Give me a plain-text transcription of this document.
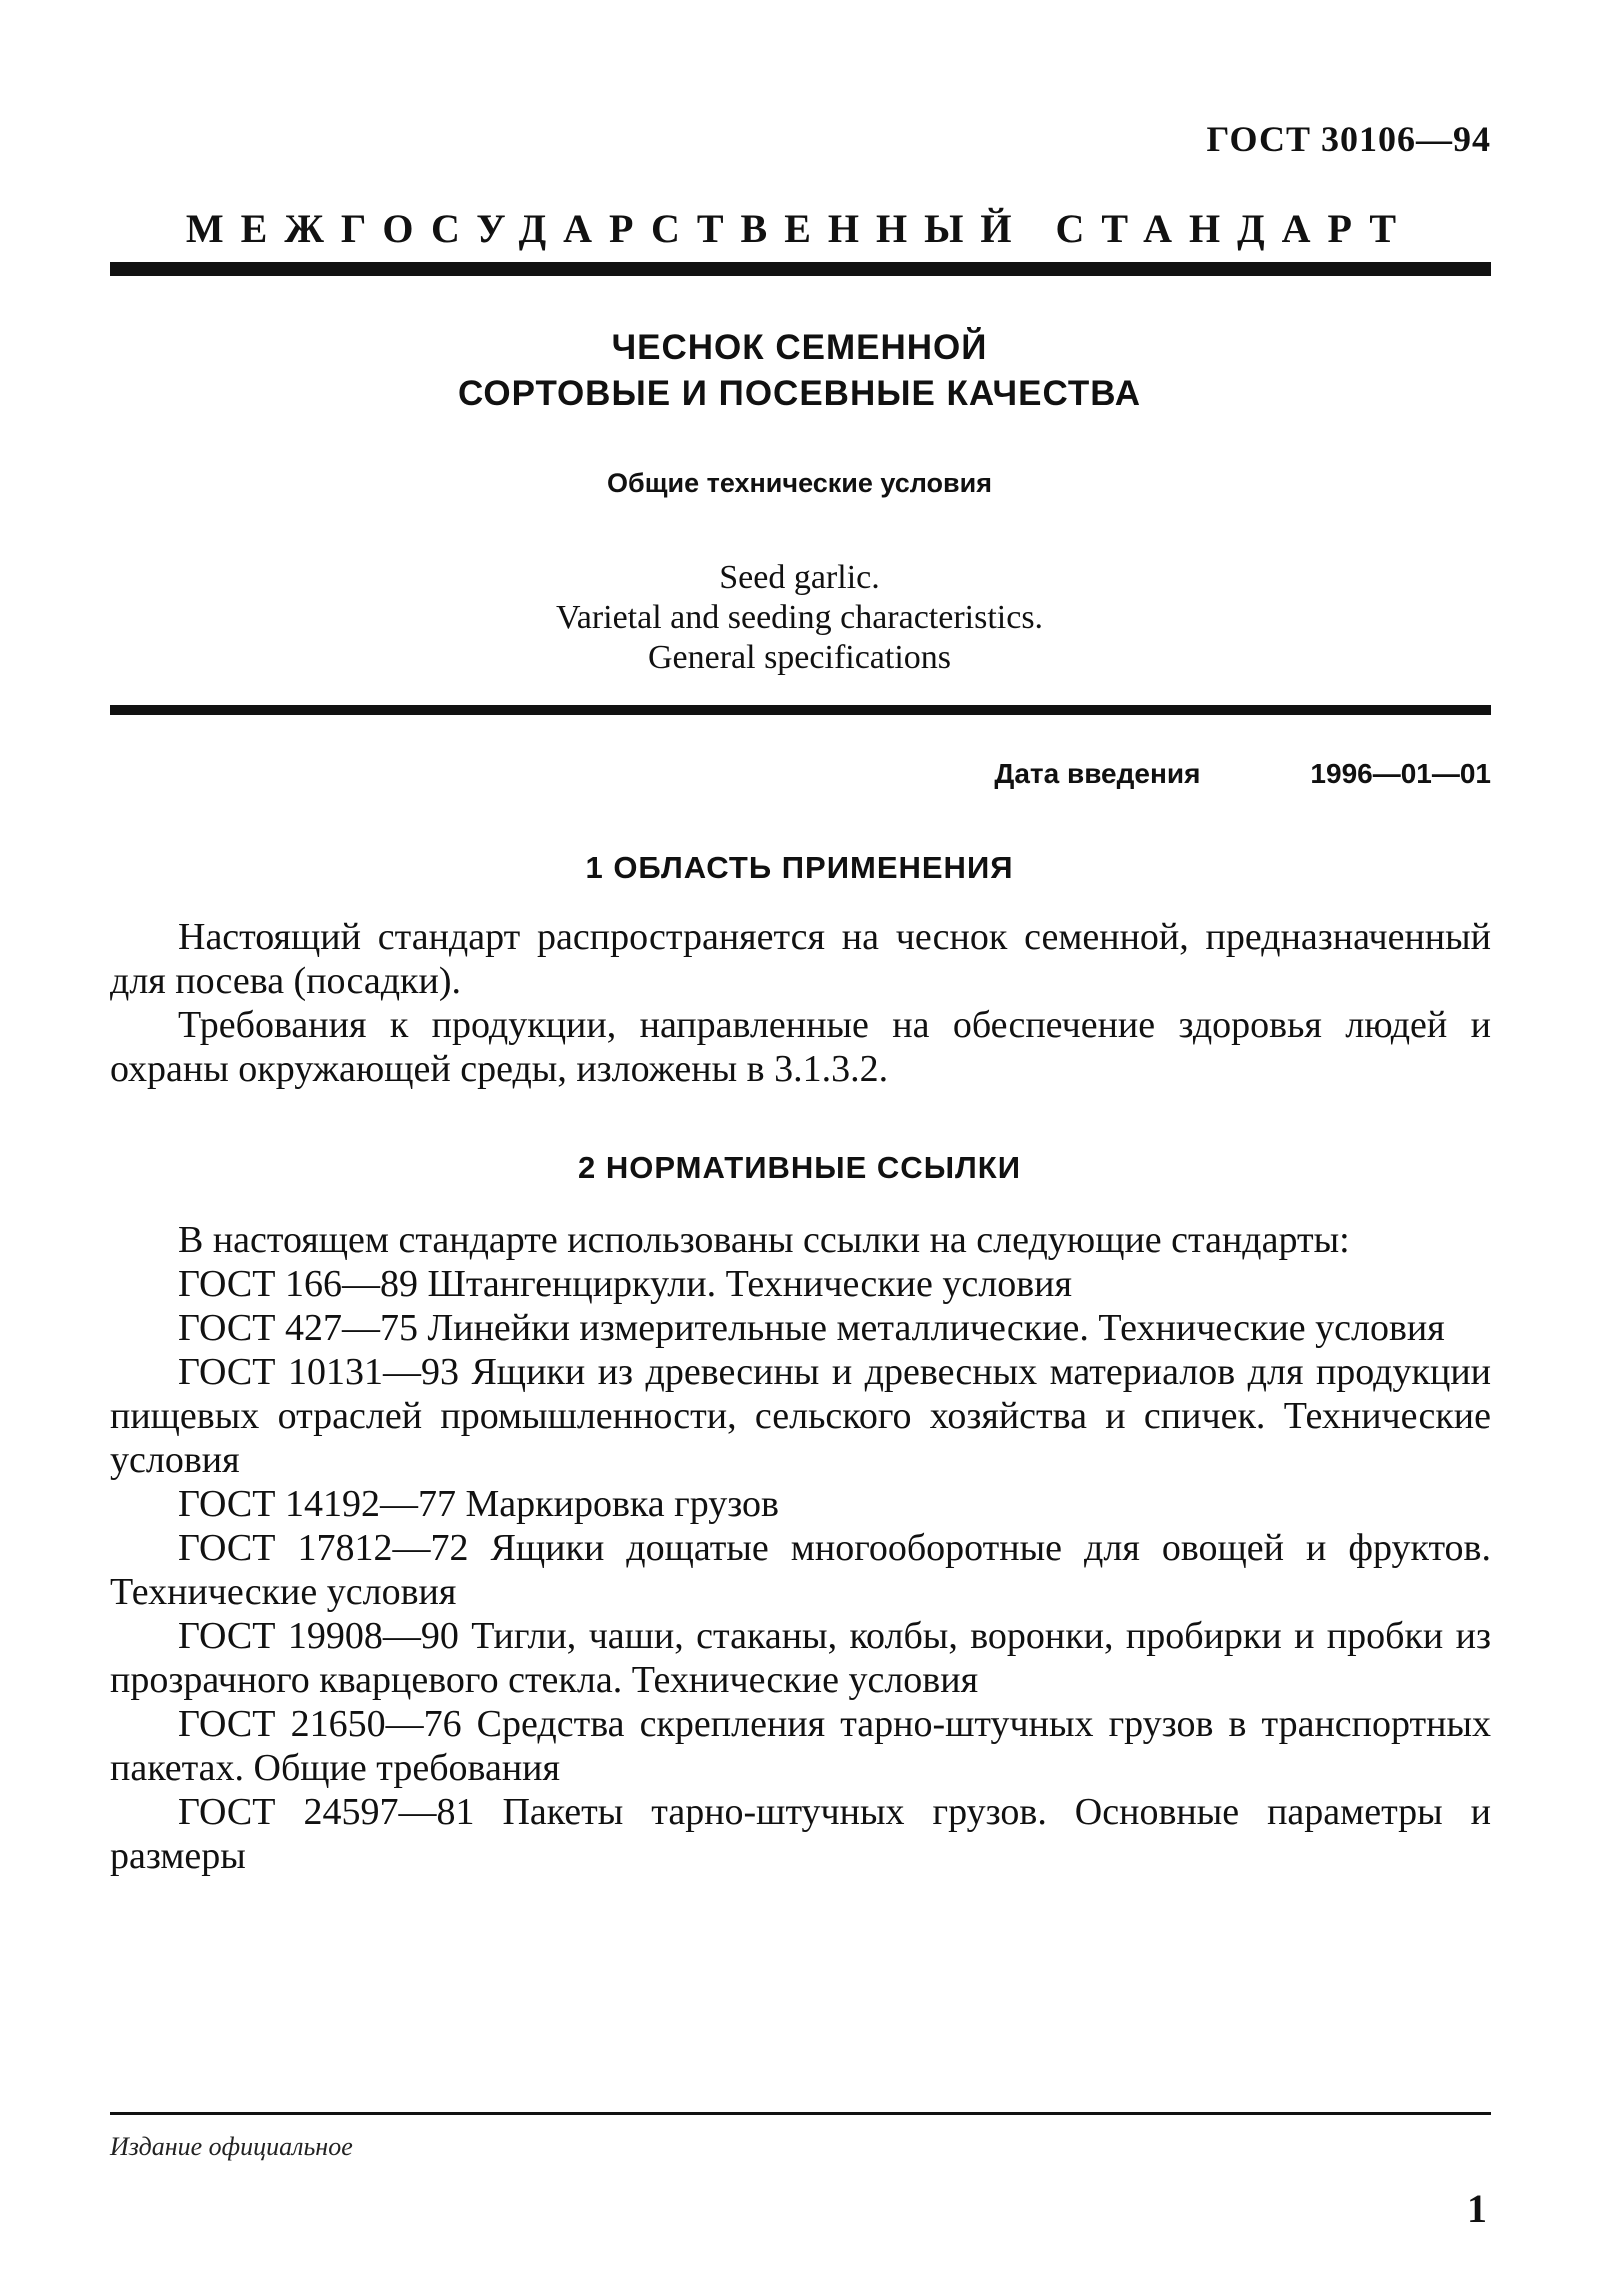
ГОСТ 30106—94
МЕЖГОСУДАРСТВЕННЫЙ СТАНДАРТ
ЧЕСНОК СЕМЕННОЙ
СОРТОВЫЕ И ПОСЕВНЫЕ КАЧЕСТВА
Общие технические условия
Seed garlic.
Varietal and seeding characteristics.
General specifications
Дата введения	1996—01—01
1 ОБЛАСТЬ ПРИМЕНЕНИЯ

Настоящий стандарт распространяется на чеснок семенной, предназначенный для посева (посадки).

Требования к продукции, направленные на обеспечение здоровья людей и охраны окружающей среды, изложены в 3.1.3.2.

2 НОРМАТИВНЫЕ ССЫЛКИ

В настоящем стандарте использованы ссылки на следующие стандарты:

ГОСТ 166—89 Штангенциркули. Технические условия

ГОСТ 427—75 Линейки измерительные металлические. Технические условия

ГОСТ 10131—93 Ящики из древесины и древесных материалов для продукции пищевых отраслей промышленности, сельского хозяйства и спичек. Технические условия

ГОСТ 14192—77 Маркировка грузов

ГОСТ 17812—72 Ящики дощатые многооборотные для овощей и фруктов. Технические условия

ГОСТ 19908—90 Тигли, чаши, стаканы, колбы, воронки, пробирки и пробки из прозрачного кварцевого стекла. Технические условия

ГОСТ 21650—76 Средства скрепления тарно-штучных грузов в транспортных пакетах. Общие требования

ГОСТ 24597—81 Пакеты тарно-штучных грузов. Основные параметры и размеры

Издание официальное
1
